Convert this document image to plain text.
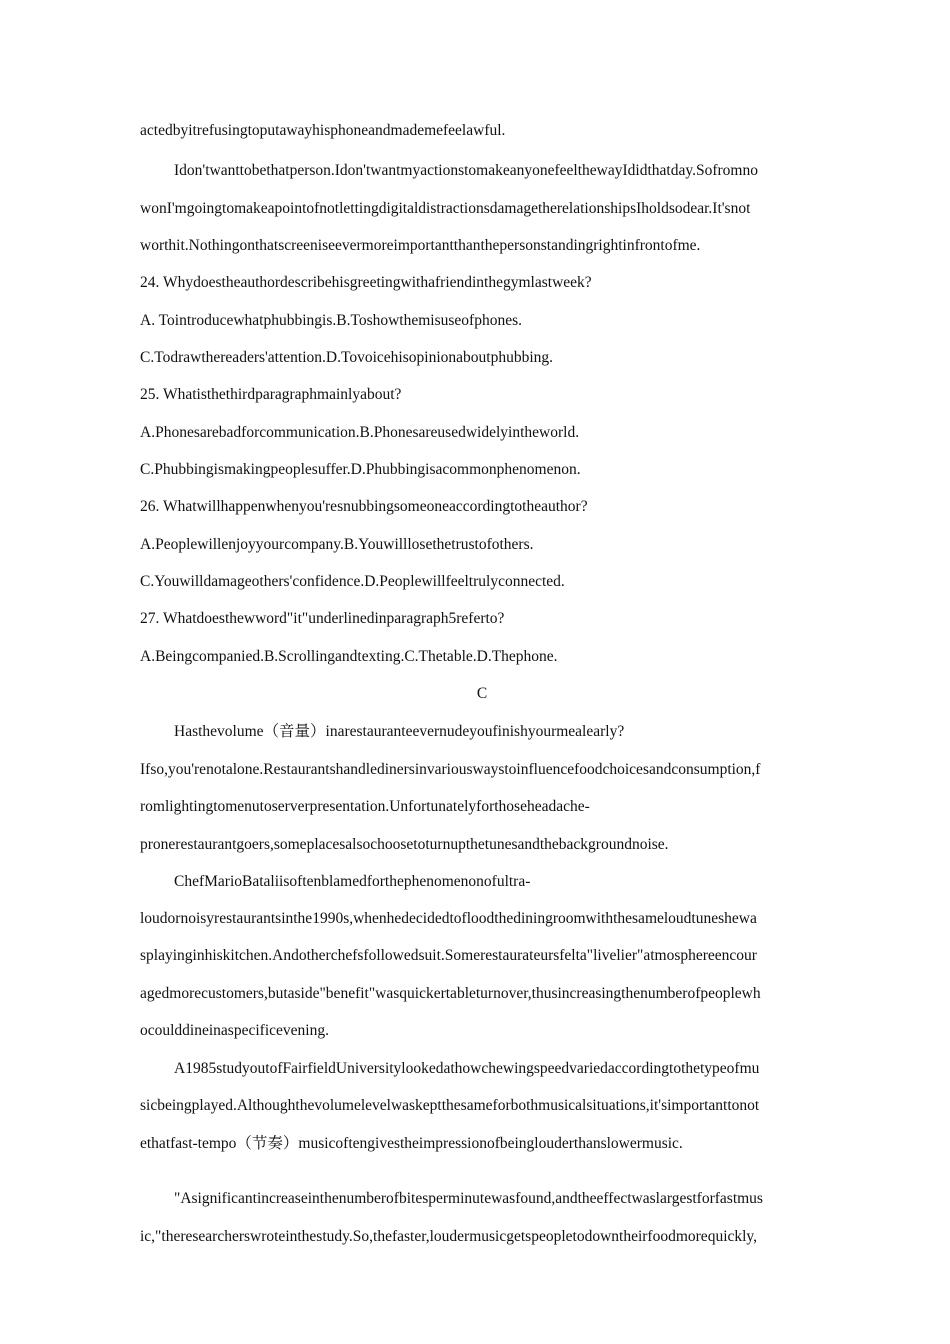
actedbyitrefusingtoputawayhisphoneandmademefeelawful.
Idon'twanttobethatperson.Idon'twantmyactionstomakeanyonefeelthewayIdidthatday.Sofromno
wonI'mgoingtomakeapointofnotlettingdigitaldistractionsdamagetherelationshipsIholdsodear.It'snot
worthit.Nothingonthatscreeniseevermoreimportantthanthepersonstandingrightinfrontofme.
24. Whydoestheauthordescribehisgreetingwithafriendinthegymlastweek?
A. Tointroducewhatphubbingis.B.Toshowthemisuseofphones.
C.Todrawthereaders'attention.D.Tovoicehisopinionaboutphubbing.
25. Whatisthethirdparagraphmainlyabout?
A.Phonesarebadforcommunication.B.Phonesareusedwidelyintheworld.
C.Phubbingismakingpeoplesuffer.D.Phubbingisacommonphenomenon.
26. Whatwillhappenwhenyou'resnubbingsomeoneaccordingtotheauthor?
A.Peoplewillenjoyyourcompany.B.Youwilllosethetrustofothers.
C.Youwilldamageothers'confidence.D.Peoplewillfeeltrulyconnected.
27. Whatdoesthewword"it"underlinedinparagraph5referto?
A.Beingcompanied.B.Scrollingandtexting.C.Thetable.D.Thephone.
C
Hasthevolume（音量）inarestauranteevernudeyoufinishyourmealearly?
Ifso,you'renotalone.Restaurantshandledinersinvariouswaystoinfluencefoodchoicesandconsumption,f
romlightingtomenutoserverpresentation.Unfortunatelyforthoseheadache-
pronerestaurantgoers,someplacesalsochoosetoturnupthetunesandthebackgroundnoise.
ChefMarioBataliisoftenblamedforthephenomenonofultra-
loudornoisyrestaurantsinthe1990s,whenhedecidedtofloodthediningroomwiththesameloudtuneshewa
splayinginhiskitchen.Andotherchefsfollowedsuit.Somerestaurateursfelta"livelier"atmosphereencour
agedmorecustomers,butaside"benefit"wasquickertableturnover,thusincreasingthenumberofpeoplewh
ocoulddineinaspecificevening.
A1985studyoutofFairfieldUniversitylookedathowchewingspeedvariedaccordingtothetypeofmu
sicbeingplayed.Althoughthevolumelevelwaskeptthesameforbothmusicalsituations,it'simportanttonot
ethatfast-tempo（节奏）musicoftengivestheimpressionofbeinglouderthanslowermusic.
"Asignificantincreaseinthenumberofbitesperminutewasfound,andtheeffectwaslargestforfastmus
ic,"theresearcherswroteinthestudy.So,thefaster,loudermusicgetspeopletodowntheirfoodmorequickly,
